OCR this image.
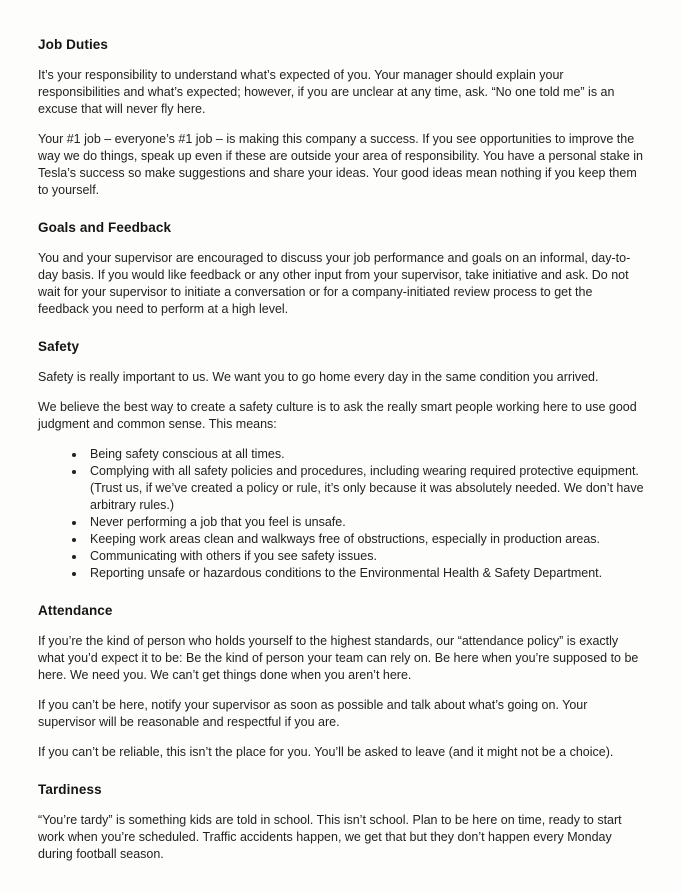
Job Duties

It’s your responsibility to understand what’s expected of you. Your manager should explain your responsibilities and what’s expected; however, if you are unclear at any time, ask. “No one told me” is an excuse that will never fly here.

Your #1 job – everyone’s #1 job – is making this company a success. If you see opportunities to improve the way we do things, speak up even if these are outside your area of responsibility. You have a personal stake in Tesla’s success so make suggestions and share your ideas. Your good ideas mean nothing if you keep them to yourself.

Goals and Feedback

You and your supervisor are encouraged to discuss your job performance and goals on an informal, day-to-day basis. If you would like feedback or any other input from your supervisor, take initiative and ask. Do not wait for your supervisor to initiate a conversation or for a company-initiated review process to get the feedback you need to perform at a high level.

Safety

Safety is really important to us. We want you to go home every day in the same condition you arrived.

We believe the best way to create a safety culture is to ask the really smart people working here to use good judgment and common sense. This means:

• Being safety conscious at all times.
• Complying with all safety policies and procedures, including wearing required protective equipment. (Trust us, if we’ve created a policy or rule, it’s only because it was absolutely needed. We don’t have arbitrary rules.)
• Never performing a job that you feel is unsafe.
• Keeping work areas clean and walkways free of obstructions, especially in production areas.
• Communicating with others if you see safety issues.
• Reporting unsafe or hazardous conditions to the Environmental Health & Safety Department.
Attendance

If you’re the kind of person who holds yourself to the highest standards, our “attendance policy” is exactly what you’d expect it to be: Be the kind of person your team can rely on. Be here when you’re supposed to be here. We need you. We can’t get things done when you aren’t here.

If you can’t be here, notify your supervisor as soon as possible and talk about what’s going on. Your supervisor will be reasonable and respectful if you are.

If you can’t be reliable, this isn’t the place for you. You’ll be asked to leave (and it might not be a choice).

Tardiness

“You’re tardy” is something kids are told in school. This isn’t school. Plan to be here on time, ready to start work when you’re scheduled. Traffic accidents happen, we get that but they don’t happen every Monday during football season.
